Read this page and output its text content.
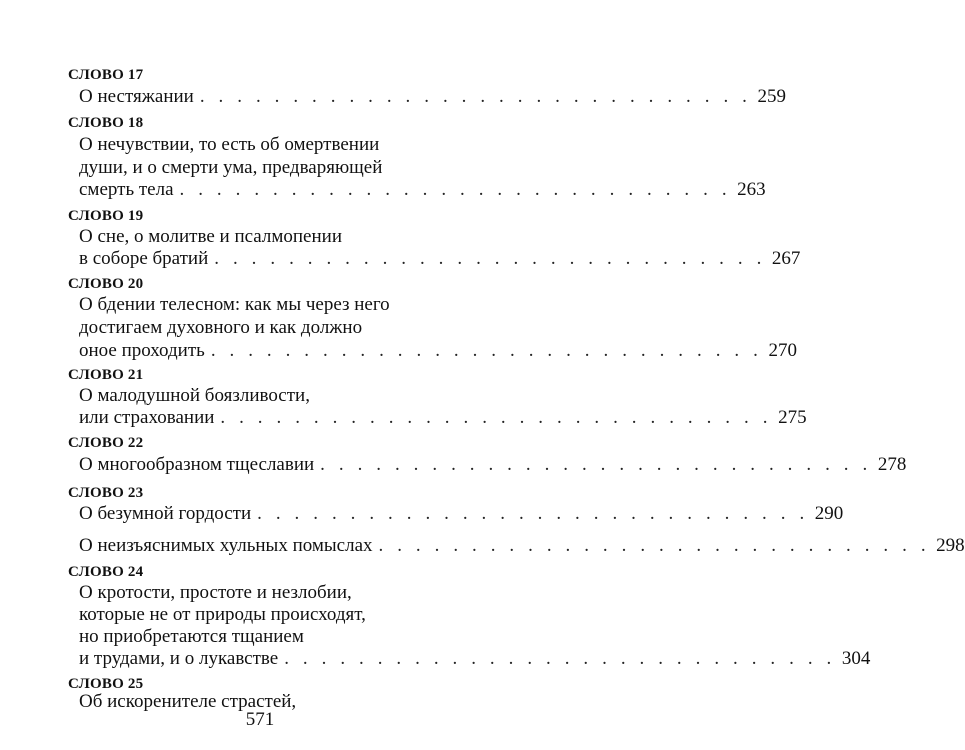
СЛОВО 17
О нестяжании . . . . . . . . . . . . . . . . . . . . . . . . . . . . . . 259
СЛОВО 18
О нечувствии, то есть об омертвении
души, и о смерти ума, предваряющей
смерть тела . . . . . . . . . . . . . . . . . . . . . . . . . . . . . . 263
СЛОВО 19
О сне, о молитве и псалмопении
в соборе братий . . . . . . . . . . . . . . . . . . . . . . . . . . . . . . 267
СЛОВО 20
О бдении телесном: как мы через него
достигаем духовного и как должно
оное проходить . . . . . . . . . . . . . . . . . . . . . . . . . . . . . . 270
СЛОВО 21
О малодушной боязливости,
или страховании . . . . . . . . . . . . . . . . . . . . . . . . . . . . . . 275
СЛОВО 22
О многообразном тщеславии . . . . . . . . . . . . . . . . . . . . . . . . . . . . . . 278
СЛОВО 23
О безумной гордости . . . . . . . . . . . . . . . . . . . . . . . . . . . . . . 290
О неизъяснимых хульных помыслах . . . . . . . . . . . . . . . . . . . . . . . . . . . . . . 298
СЛОВО 24
О кротости, простоте и незлобии,
которые не от природы происходят,
но приобретаются тщанием
и трудами, и о лукавстве . . . . . . . . . . . . . . . . . . . . . . . . . . . . . . 304
СЛОВО 25
Об искоренителе страстей,
571
